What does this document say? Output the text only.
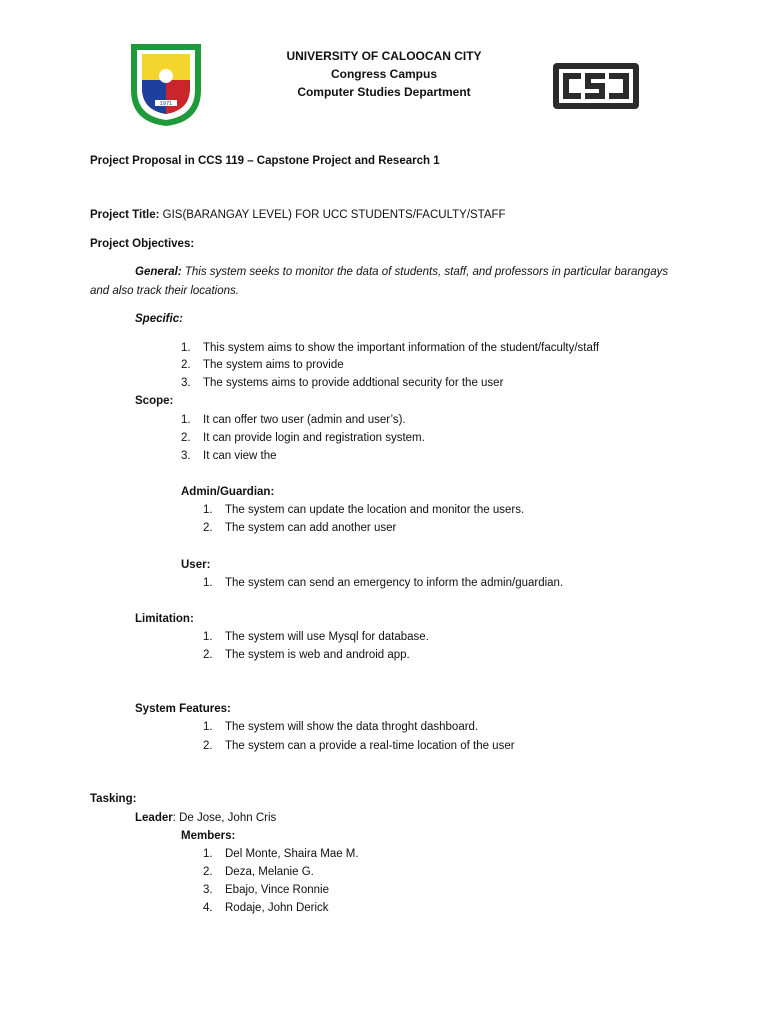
1971
UNIVERSITY OF CALOOCAN CITY
Congress Campus
Computer Studies Department
Project Proposal in CCS 119 – Capstone Project and Research 1
Project Title: GIS(BARANGAY LEVEL) FOR UCC STUDENTS/FACULTY/STAFF
Project Objectives:
General: This system seeks to monitor the data of students, staff, and professors in particular barangays
and also track their locations.
Specific:
1. This system aims to show the important information of the student/faculty/staff
2. The system aims to provide
3. The systems aims to provide addtional security for the user
Scope:
1. It can offer two user (admin and user’s).
2. It can provide login and registration system.
3. It can view the
Admin/Guardian:
1. The system can update the location and monitor the users.
2. The system can add another user
User:
1. The system can send an emergency to inform the admin/guardian.
Limitation:
1. The system will use Mysql for database.
2. The system is web and android app.
System Features:
1. The system will show the data throght dashboard.
2. The system can a provide a real-time location of the user
Tasking:
Leader: De Jose, John Cris
Members:
1. Del Monte, Shaira Mae M.
2. Deza, Melanie G.
3. Ebajo, Vince Ronnie
4. Rodaje, John Derick
